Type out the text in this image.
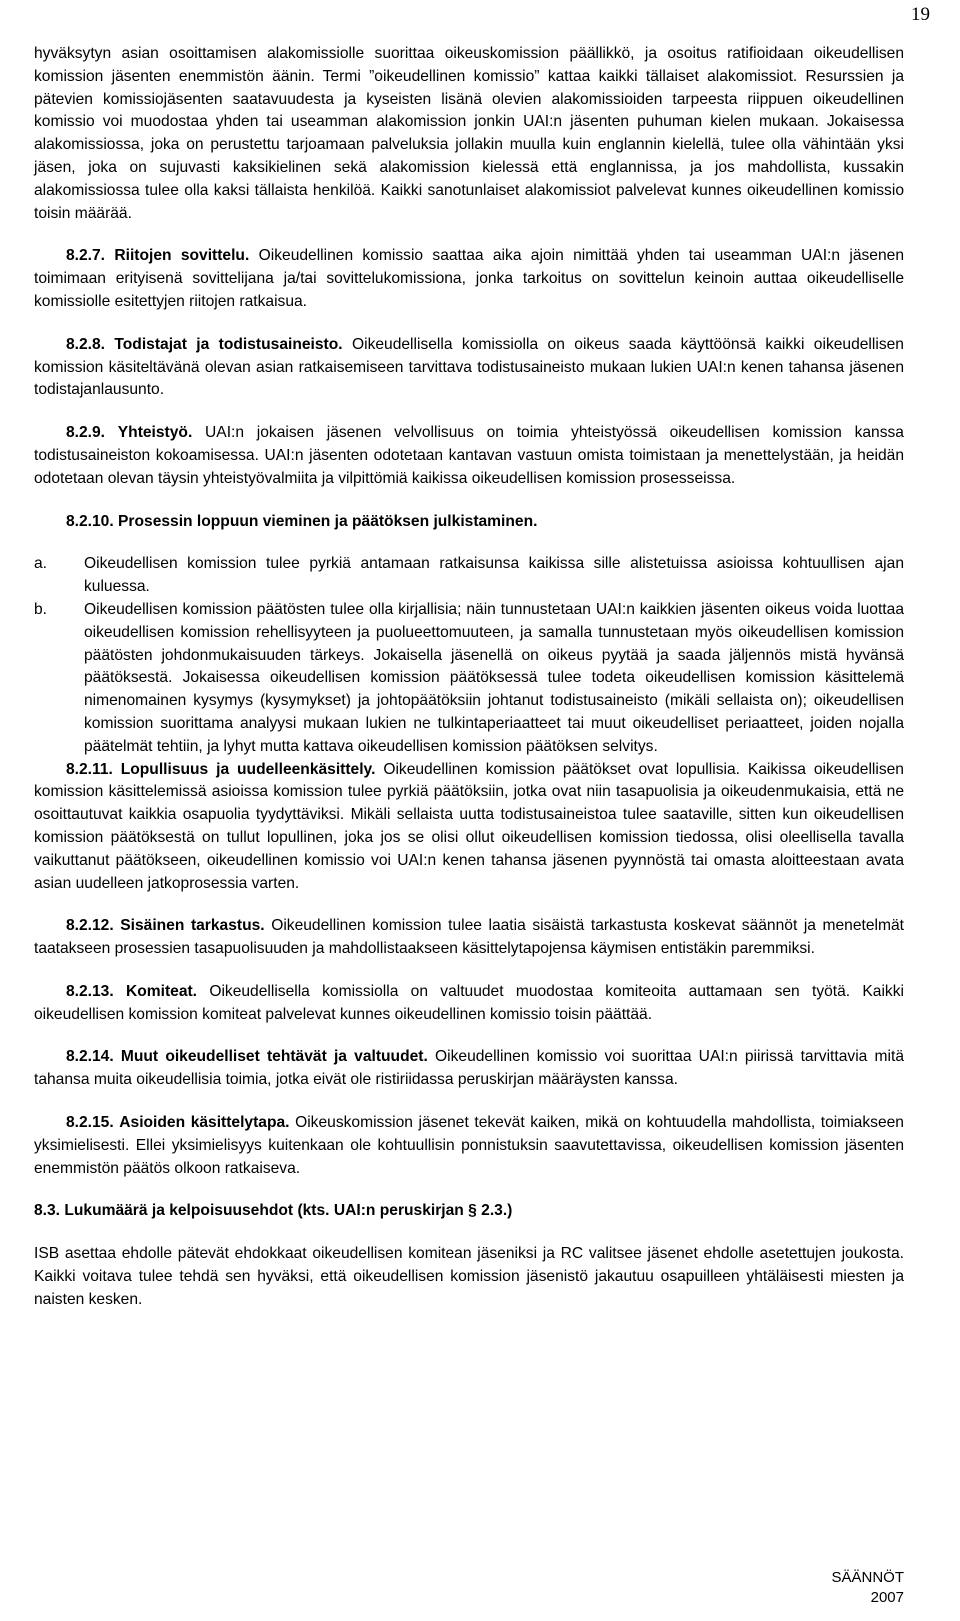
19

hyväksytyn asian osoittamisen alakomissiolle suorittaa oikeuskomission päällikkö, ja osoitus ratifioidaan oikeudellisen komission jäsenten enemmistön äänin. Termi ”oikeudellinen komissio” kattaa kaikki tällaiset alakomissiot. Resurssien ja pätevien komissiojäsenten saatavuudesta ja kyseisten lisänä olevien alakomissioiden tarpeesta riippuen oikeudellinen komissio voi muodostaa yhden tai useamman alakomission jonkin UAI:n jäsenten puhuman kielen mukaan. Jokaisessa alakomissiossa, joka on perustettu tarjoamaan palveluksia jollakin muulla kuin englannin kielellä, tulee olla vähintään yksi jäsen, joka on sujuvasti kaksikielinen sekä alakomission kielessä että englannissa, ja jos mahdollista, kussakin alakomissiossa tulee olla kaksi tällaista henkilöä. Kaikki sanotunlaiset alakomissiot palvelevat kunnes oikeudellinen komissio toisin määrää.

8.2.7. Riitojen sovittelu. Oikeudellinen komissio saattaa aika ajoin nimittää yhden tai useamman UAI:n jäsenen toimimaan erityisenä sovittelijana ja/tai sovittelukomissiona, jonka tarkoitus on sovittelun keinoin auttaa oikeudelliselle komissiolle esitettyjen riitojen ratkaisua.

8.2.8. Todistajat ja todistusaineisto. Oikeudellisella komissiolla on oikeus saada käyttöönsä kaikki oikeudellisen komission käsiteltävänä olevan asian ratkaisemiseen tarvittava todistusaineisto mukaan lukien UAI:n kenen tahansa jäsenen todistajanlausunto.

8.2.9. Yhteistyö. UAI:n jokaisen jäsenen velvollisuus on toimia yhteistyössä oikeudellisen komission kanssa todistusaineiston kokoamisessa. UAI:n jäsenten odotetaan kantavan vastuun omista toimistaan ja menettelystään, ja heidän odotetaan olevan täysin yhteistyövalmiita ja vilpittömiä kaikissa oikeudellisen komission prosesseissa.

8.2.10. Prosessin loppuun vieminen ja päätöksen julkistaminen.

a. Oikeudellisen komission tulee pyrkiä antamaan ratkaisunsa kaikissa sille alistetuissa asioissa kohtuullisen ajan kuluessa.
b. Oikeudellisen komission päätösten tulee olla kirjallisia; näin tunnustetaan UAI:n kaikkien jäsenten oikeus voida luottaa oikeudellisen komission rehellisyyteen ja puolueettomuuteen, ja samalla tunnustetaan myös oikeudellisen komission päätösten johdonmukaisuuden tärkeys. Jokaisella jäsenellä on oikeus pyytää ja saada jäljennös mistä hyvänsä päätöksestä. Jokaisessa oikeudellisen komission päätöksessä tulee todeta oikeudellisen komission käsittelemä nimenomainen kysymys (kysymykset) ja johtopäätöksiin johtanut todistusaineisto (mikäli sellaista on); oikeudellisen komission suorittama analyysi mukaan lukien ne tulkintaperiaatteet tai muut oikeudelliset periaatteet, joiden nojalla päätelmät tehtiin, ja lyhyt mutta kattava oikeudellisen komission päätöksen selvitys.

8.2.11. Lopullisuus ja uudelleenkäsittely. Oikeudellinen komission päätökset ovat lopullisia. Kaikissa oikeudellisen komission käsittelemissä asioissa komission tulee pyrkiä päätöksiin, jotka ovat niin tasapuolisia ja oikeudenmukaisia, että ne osoittautuvat kaikkia osapuolia tyydyttäviksi. Mikäli sellaista uutta todistusaineistoa tulee saataville, sitten kun oikeudellisen komission päätöksestä on tullut lopullinen, joka jos se olisi ollut oikeudellisen komission tiedossa, olisi oleellisella tavalla vaikuttanut päätökseen, oikeudellinen komissio voi UAI:n kenen tahansa jäsenen pyynnöstä tai omasta aloitteestaan avata asian uudelleen jatkoprosessia varten.

8.2.12. Sisäinen tarkastus. Oikeudellinen komission tulee laatia sisäistä tarkastusta koskevat säännöt ja menetelmät taatakseen prosessien tasapuolisuuden ja mahdollistaakseen käsittelytapojensa käymisen entistäkin paremmiksi.

8.2.13. Komiteat. Oikeudellisella komissiolla on valtuudet muodostaa komiteoita auttamaan sen työtä. Kaikki oikeudellisen komission komiteat palvelevat kunnes oikeudellinen komissio toisin päättää.

8.2.14. Muut oikeudelliset tehtävät ja valtuudet. Oikeudellinen komissio voi suorittaa UAI:n piirissä tarvittavia mitä tahansa muita oikeudellisia toimia, jotka eivät ole ristiriidassa peruskirjan määräysten kanssa.

8.2.15. Asioiden käsittelytapa. Oikeuskomission jäsenet tekevät kaiken, mikä on kohtuudella mahdollista, toimiakseen yksimielisesti. Ellei yksimielisyys kuitenkaan ole kohtuullisin ponnistuksin saavutettavissa, oikeudellisen komission jäsenten enemmistön päätös olkoon ratkaiseva.

8.3. Lukumäärä ja kelpoisuusehdot (kts. UAI:n peruskirjan § 2.3.)

ISB asettaa ehdolle pätevät ehdokkaat oikeudellisen komitean jäseniksi ja RC valitsee jäsenet ehdolle asetettujen joukosta. Kaikki voitava tulee tehdä sen hyväksi, että oikeudellisen komission jäsenistö jakautuu osapuilleen yhtäläisesti miesten ja naisten kesken.

SÄÄNNÖT
2007
